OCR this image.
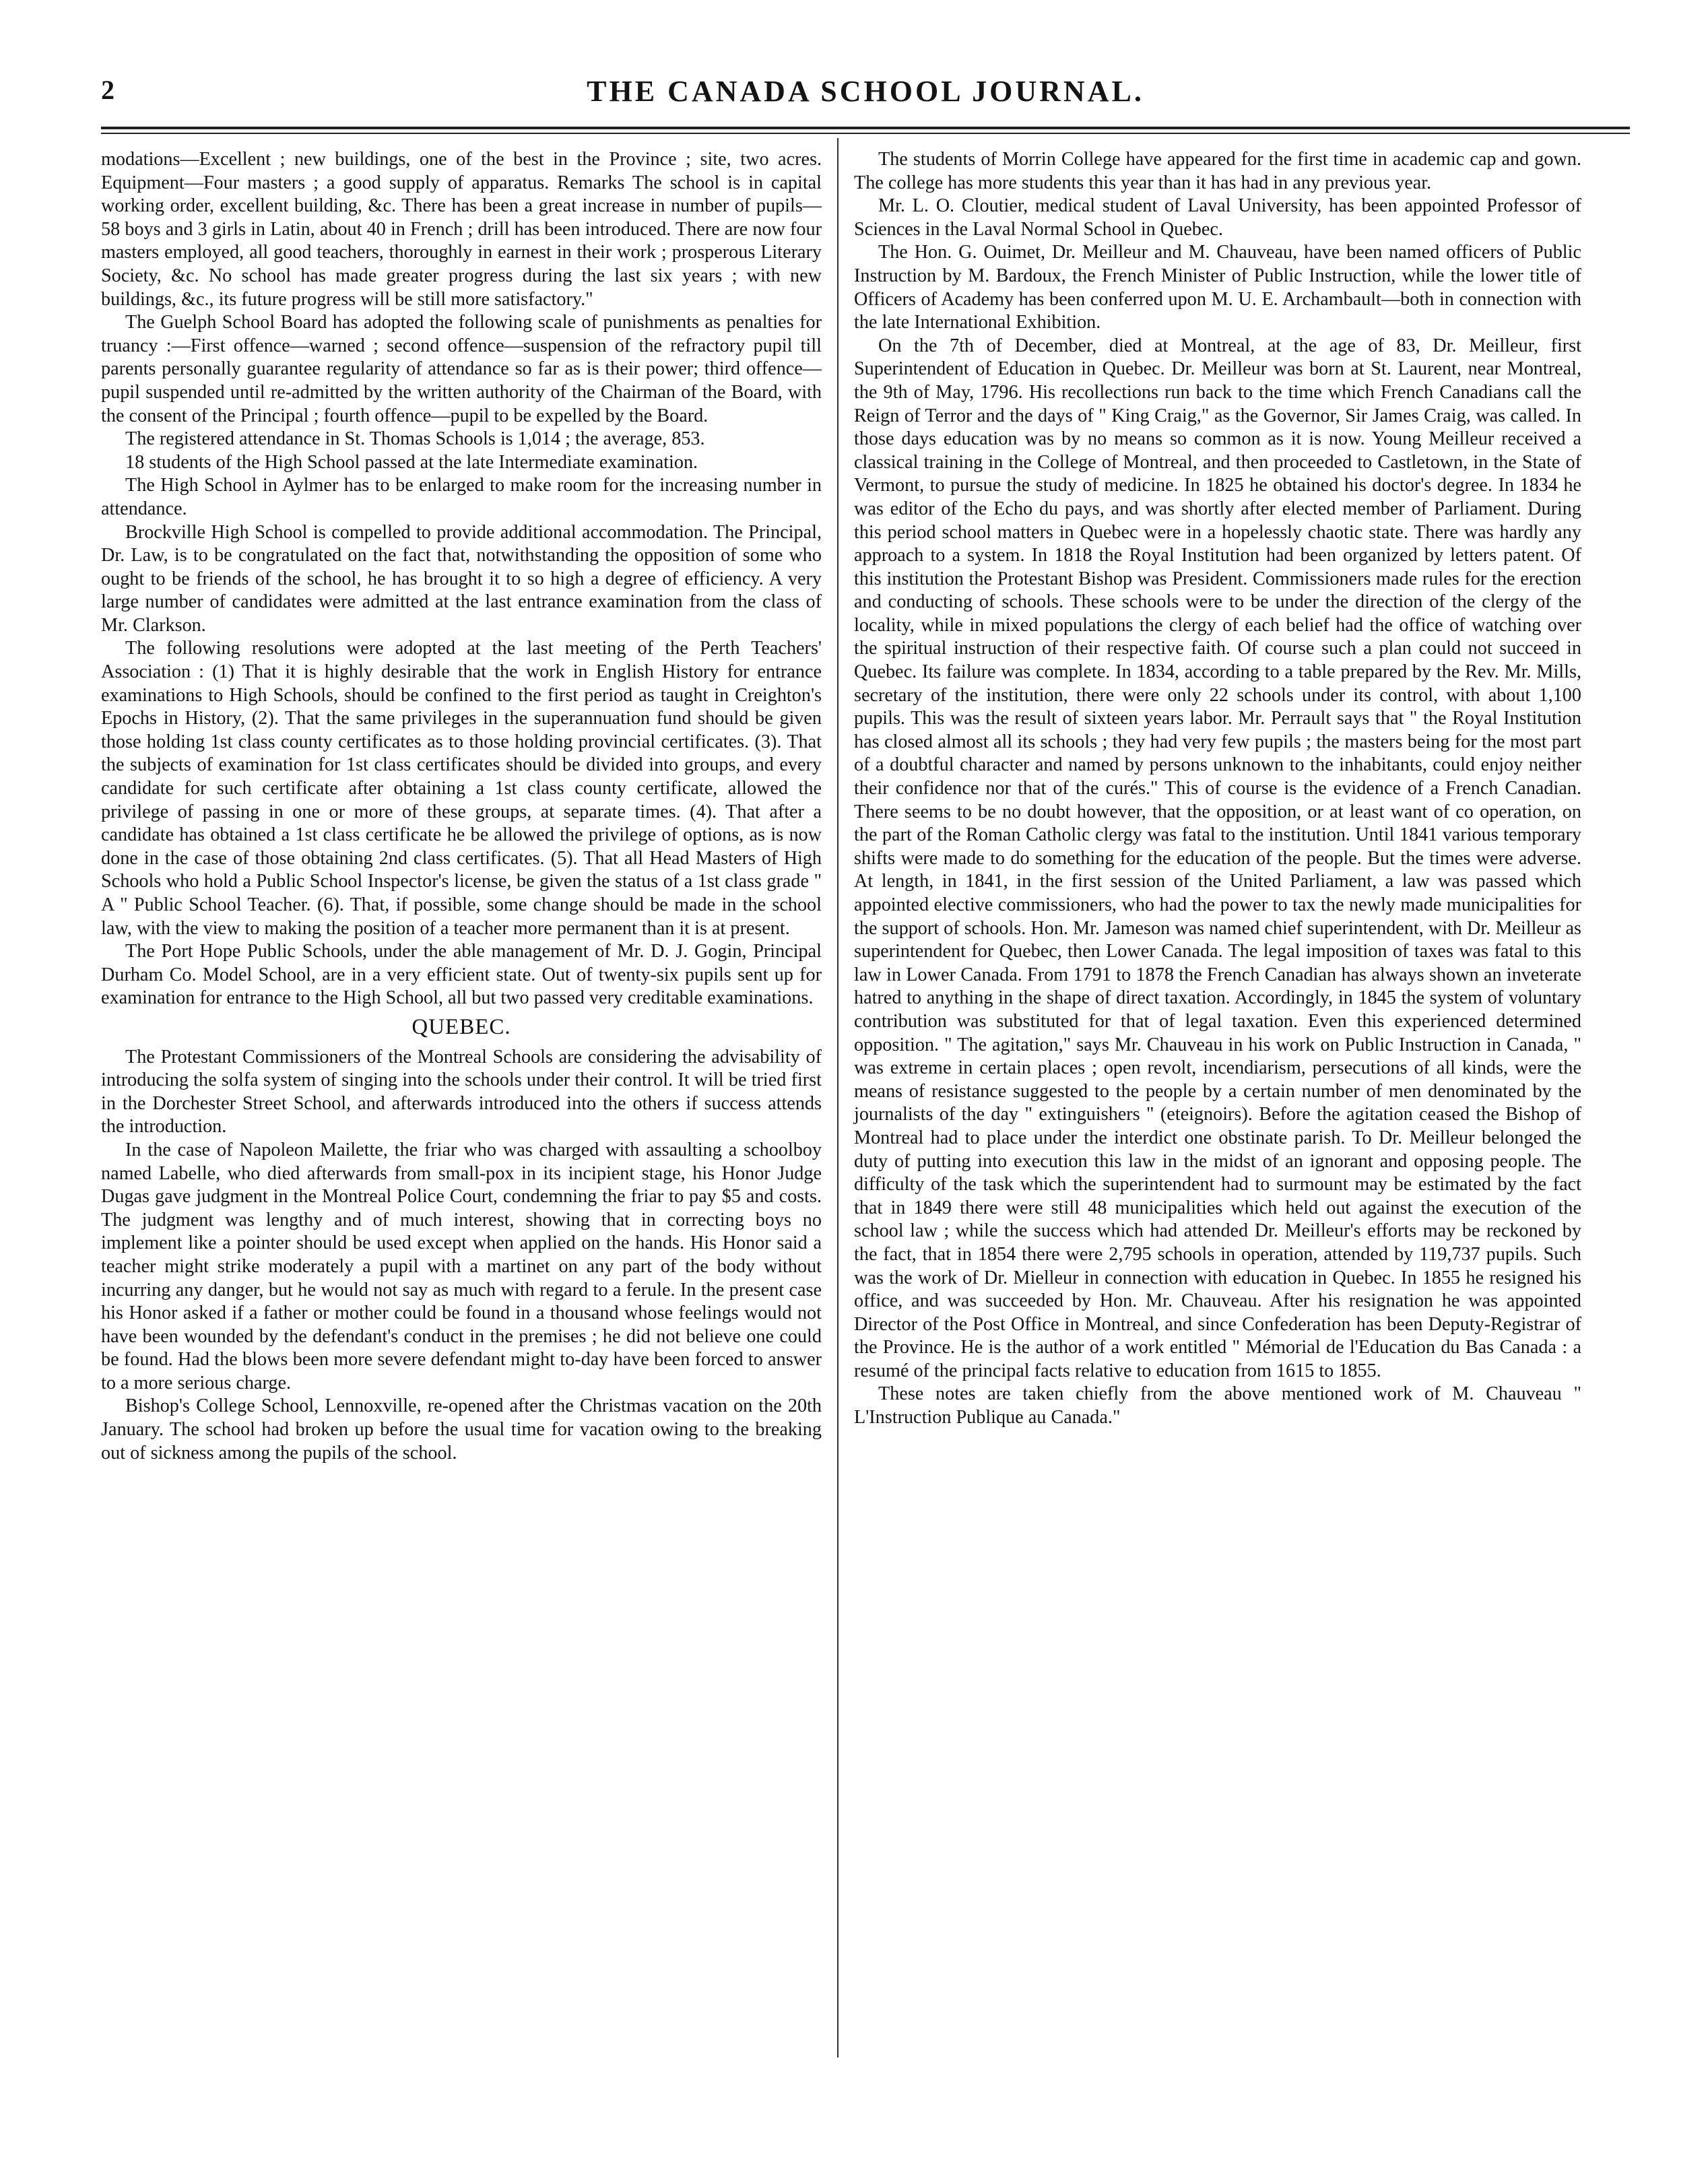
2	THE CANADA SCHOOL JOURNAL.

modations—Excellent ; new buildings, one of the best in the Province ; site, two acres. Equipment—Four masters ; a good supply of apparatus. Remarks The school is in capital working order, excellent building, &c. There has been a great increase in number of pupils—58 boys and 3 girls in Latin, about 40 in French ; drill has been introduced. There are now four masters employed, all good teachers, thoroughly in earnest in their work ; prosperous Literary Society, &c. No school has made greater progress during the last six years ; with new buildings, &c., its future progress will be still more satisfactory."

The Guelph School Board has adopted the following scale of punishments as penalties for truancy :—First offence—warned ; second offence—suspension of the refractory pupil till parents personally guarantee regularity of attendance so far as is their power; third offence—pupil suspended until re-admitted by the written authority of the Chairman of the Board, with the consent of the Principal ; fourth offence—pupil to be expelled by the Board.

The registered attendance in St. Thomas Schools is 1,014 ; the average, 853.

18 students of the High School passed at the late Intermediate examination.

The High School in Aylmer has to be enlarged to make room for the increasing number in attendance.

Brockville High School is compelled to provide additional accommodation. The Principal, Dr. Law, is to be congratulated on the fact that, notwithstanding the opposition of some who ought to be friends of the school, he has brought it to so high a degree of efficiency. A very large number of candidates were admitted at the last entrance examination from the class of Mr. Clarkson.

The following resolutions were adopted at the last meeting of the Perth Teachers' Association : (1) That it is highly desirable that the work in English History for entrance examinations to High Schools, should be confined to the first period as taught in Creighton's Epochs in History, (2). That the same privileges in the superannuation fund should be given those holding 1st class county certificates as to those holding provincial certificates. (3). That the subjects of examination for 1st class certificates should be divided into groups, and every candidate for such certificate after obtaining a 1st class county certificate, allowed the privilege of passing in one or more of these groups, at separate times. (4). That after a candidate has obtained a 1st class certificate he be allowed the privilege of options, as is now done in the case of those obtaining 2nd class certificates. (5). That all Head Masters of High Schools who hold a Public School Inspector's license, be given the status of a 1st class grade " A " Public School Teacher. (6). That, if possible, some change should be made in the school law, with the view to making the position of a teacher more permanent than it is at present.

The Port Hope Public Schools, under the able management of Mr. D. J. Gogin, Principal Durham Co. Model School, are in a very efficient state. Out of twenty-six pupils sent up for examination for entrance to the High School, all but two passed very creditable examinations.

QUEBEC.

The Protestant Commissioners of the Montreal Schools are considering the advisability of introducing the solfa system of singing into the schools under their control. It will be tried first in the Dorchester Street School, and afterwards introduced into the others if success attends the introduction.

In the case of Napoleon Mailette, the friar who was charged with assaulting a schoolboy named Labelle, who died afterwards from small-pox in its incipient stage, his Honor Judge Dugas gave judgment in the Montreal Police Court, condemning the friar to pay $5 and costs. The judgment was lengthy and of much interest, showing that in correcting boys no implement like a pointer should be used except when applied on the hands. His Honor said a teacher might strike moderately a pupil with a martinet on any part of the body without incurring any danger, but he would not say as much with regard to a ferule. In the present case his Honor asked if a father or mother could be found in a thousand whose feelings would not have been wounded by the defendant's conduct in the premises ; he did not believe one could be found. Had the blows been more severe defendant might to-day have been forced to answer to a more serious charge.

Bishop's College School, Lennoxville, re-opened after the Christmas vacation on the 20th January. The school had broken up before the usual time for vacation owing to the breaking out of sickness among the pupils of the school.

The students of Morrin College have appeared for the first time in academic cap and gown. The college has more students this year than it has had in any previous year.

Mr. L. O. Cloutier, medical student of Laval University, has been appointed Professor of Sciences in the Laval Normal School in Quebec.

The Hon. G. Ouimet, Dr. Meilleur and M. Chauveau, have been named officers of Public Instruction by M. Bardoux, the French Minister of Public Instruction, while the lower title of Officers of Academy has been conferred upon M. U. E. Archambault—both in connection with the late International Exhibition.

On the 7th of December, died at Montreal, at the age of 83, Dr. Meilleur, first Superintendent of Education in Quebec. Dr. Meilleur was born at St. Laurent, near Montreal, the 9th of May, 1796. His recollections run back to the time which French Canadians call the Reign of Terror and the days of " King Craig," as the Governor, Sir James Craig, was called. In those days education was by no means so common as it is now. Young Meilleur received a classical training in the College of Montreal, and then proceeded to Castletown, in the State of Vermont, to pursue the study of medicine. In 1825 he obtained his doctor's degree. In 1834 he was editor of the Echo du pays, and was shortly after elected member of Parliament. During this period school matters in Quebec were in a hopelessly chaotic state. There was hardly any approach to a system. In 1818 the Royal Institution had been organized by letters patent. Of this institution the Protestant Bishop was President. Commissioners made rules for the erection and conducting of schools. These schools were to be under the direction of the clergy of the locality, while in mixed populations the clergy of each belief had the office of watching over the spiritual instruction of their respective faith. Of course such a plan could not succeed in Quebec. Its failure was complete. In 1834, according to a table prepared by the Rev. Mr. Mills, secretary of the institution, there were only 22 schools under its control, with about 1,100 pupils. This was the result of sixteen years labor. Mr. Perrault says that " the Royal Institution has closed almost all its schools ; they had very few pupils ; the masters being for the most part of a doubtful character and named by persons unknown to the inhabitants, could enjoy neither their confidence nor that of the curés." This of course is the evidence of a French Canadian. There seems to be no doubt however, that the opposition, or at least want of co operation, on the part of the Roman Catholic clergy was fatal to the institution. Until 1841 various temporary shifts were made to do something for the education of the people. But the times were adverse. At length, in 1841, in the first session of the United Parliament, a law was passed which appointed elective commissioners, who had the power to tax the newly made municipalities for the support of schools. Hon. Mr. Jameson was named chief superintendent, with Dr. Meilleur as superintendent for Quebec, then Lower Canada. The legal imposition of taxes was fatal to this law in Lower Canada. From 1791 to 1878 the French Canadian has always shown an inveterate hatred to anything in the shape of direct taxation. Accordingly, in 1845 the system of voluntary contribution was substituted for that of legal taxation. Even this experienced determined opposition. " The agitation," says Mr. Chauveau in his work on Public Instruction in Canada, " was extreme in certain places ; open revolt, incendiarism, persecutions of all kinds, were the means of resistance suggested to the people by a certain number of men denominated by the journalists of the day " extinguishers " (eteignoirs). Before the agitation ceased the Bishop of Montreal had to place under the interdict one obstinate parish. To Dr. Meilleur belonged the duty of putting into execution this law in the midst of an ignorant and opposing people. The difficulty of the task which the superintendent had to surmount may be estimated by the fact that in 1849 there were still 48 municipalities which held out against the execution of the school law ; while the success which had attended Dr. Meilleur's efforts may be reckoned by the fact, that in 1854 there were 2,795 schools in operation, attended by 119,737 pupils. Such was the work of Dr. Mielleur in connection with education in Quebec. In 1855 he resigned his office, and was succeeded by Hon. Mr. Chauveau. After his resignation he was appointed Director of the Post Office in Montreal, and since Confederation has been Deputy-Registrar of the Province. He is the author of a work entitled " Mémorial de l'Education du Bas Canada : a resumé of the principal facts relative to education from 1615 to 1855.

These notes are taken chiefly from the above mentioned work of M. Chauveau " L'Instruction Publique au Canada."
